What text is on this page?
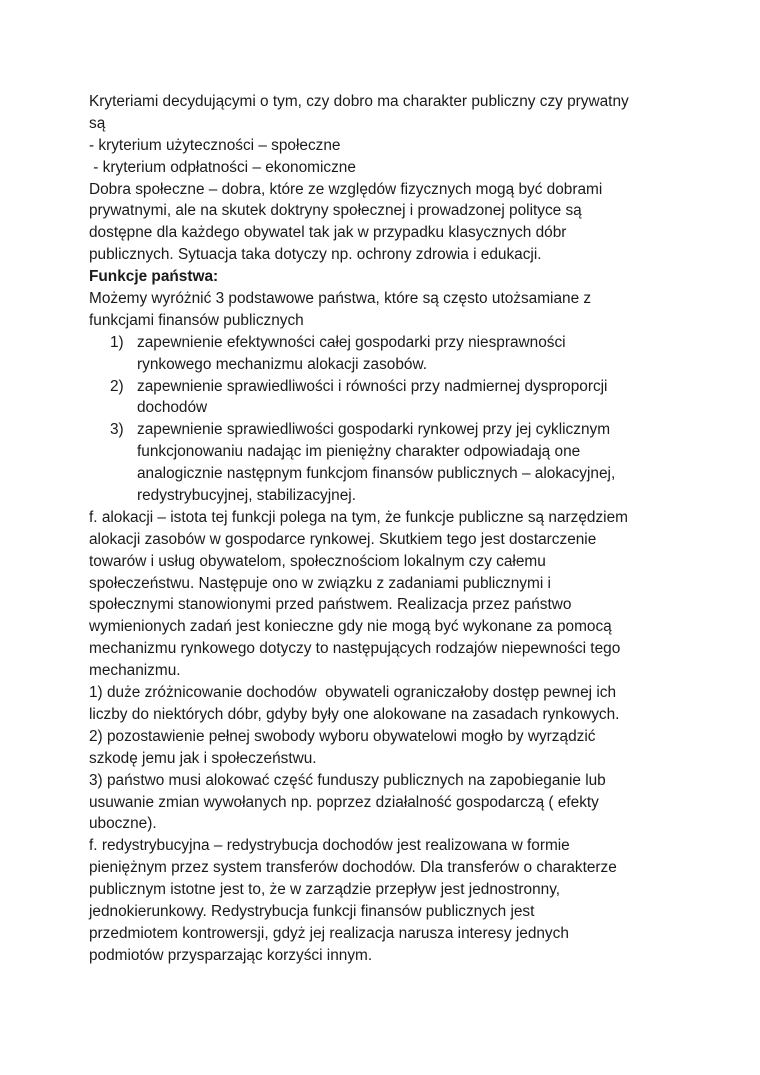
Kryteriami decydującymi o tym, czy dobro ma charakter publiczny czy prywatny
są
- kryterium użyteczności – społeczne
- kryterium odpłatności – ekonomiczne
Dobra społeczne – dobra, które ze względów fizycznych mogą być dobrami
prywatnymi, ale na skutek doktryny społecznej i prowadzonej polityce są
dostępne dla każdego obywatel tak jak w przypadku klasycznych dóbr
publicznych. Sytuacja taka dotyczy np. ochrony zdrowia i edukacji.
Funkcje państwa:
Możemy wyróżnić 3 podstawowe państwa, które są często utożsamiane z
funkcjami finansów publicznych
1) zapewnienie efektywności całej gospodarki przy niesprawności
rynkowego mechanizmu alokacji zasobów.
2) zapewnienie sprawiedliwości i równości przy nadmiernej dysproporcji
dochodów
3) zapewnienie sprawiedliwości gospodarki rynkowej przy jej cyklicznym
funkcjonowaniu nadając im pieniężny charakter odpowiadają one
analogicznie następnym funkcjom finansów publicznych – alokacyjnej,
redystrybucyjnej, stabilizacyjnej.
f. alokacji – istota tej funkcji polega na tym, że funkcje publiczne są narzędziem
alokacji zasobów w gospodarce rynkowej. Skutkiem tego jest dostarczenie
towarów i usług obywatelom, społecznościom lokalnym czy całemu
społeczeństwu. Następuje ono w związku z zadaniami publicznymi i
społecznymi stanowionymi przed państwem. Realizacja przez państwo
wymienionych zadań jest konieczne gdy nie mogą być wykonane za pomocą
mechanizmu rynkowego dotyczy to następujących rodzajów niepewności tego
mechanizmu.
1) duże zróżnicowanie dochodów  obywateli ograniczałoby dostęp pewnej ich
liczby do niektórych dóbr, gdyby były one alokowane na zasadach rynkowych.
2) pozostawienie pełnej swobody wyboru obywatelowi mogło by wyrządzić
szkodę jemu jak i społeczeństwu.
3) państwo musi alokować część funduszy publicznych na zapobieganie lub
usuwanie zmian wywołanych np. poprzez działalność gospodarczą ( efekty
uboczne).
f. redystrybucyjna – redystrybucja dochodów jest realizowana w formie
pieniężnym przez system transferów dochodów. Dla transferów o charakterze
publicznym istotne jest to, że w zarządzie przepływ jest jednostronny,
jednokierunkowy. Redystrybucja funkcji finansów publicznych jest
przedmiotem kontrowersji, gdyż jej realizacja narusza interesy jednych
podmiotów przysparzając korzyści innym.
